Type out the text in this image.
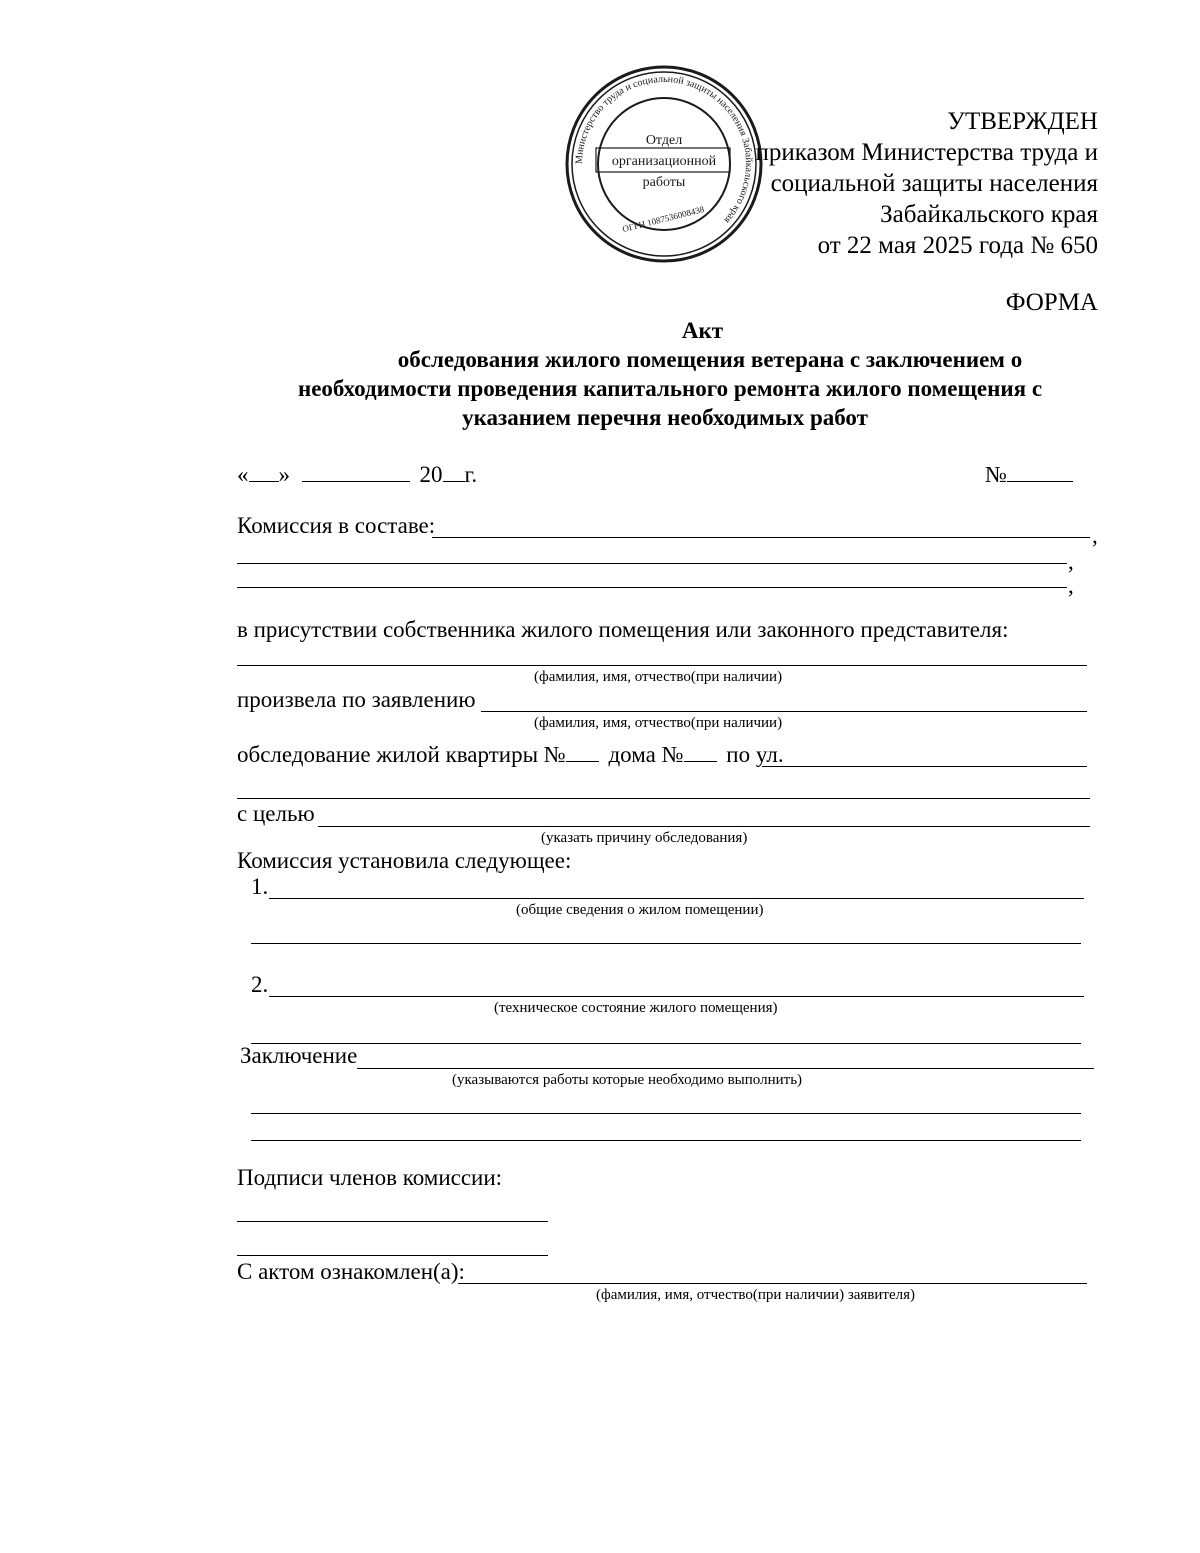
Министерство труда и социальной защиты населения Забайкальского края
ОГРН 1087536008438
Отдел
организационной
работы
УТВЕРЖДЕН
приказом Министерства труда и
социальной защиты населения
Забайкальского края
от 22 мая 2025 года № 650
ФОРМА
Акт
обследования жилого помещения ветерана с заключением о
необходимости проведения капитального ремонта жилого помещения с
указанием перечня необходимых работ
« »	20 г.	№
Комиссия в составе:	,
,
,
в присутствии собственника жилого помещения или законного представителя:
(фамилия, имя, отчество(при наличии)
произвела по заявлению
(фамилия, имя, отчество(при наличии)
обследование жилой квартиры № дома № по ул.
с целью
(указать причину обследования)
Комиссия установила следующее:
1.
(общие сведения о жилом помещении)
2.
(техническое состояние жилого помещения)
Заключение
(указываются работы которые необходимо выполнить)
Подписи членов комиссии:
С актом ознакомлен(а):
(фамилия, имя, отчество(при наличии) заявителя)
